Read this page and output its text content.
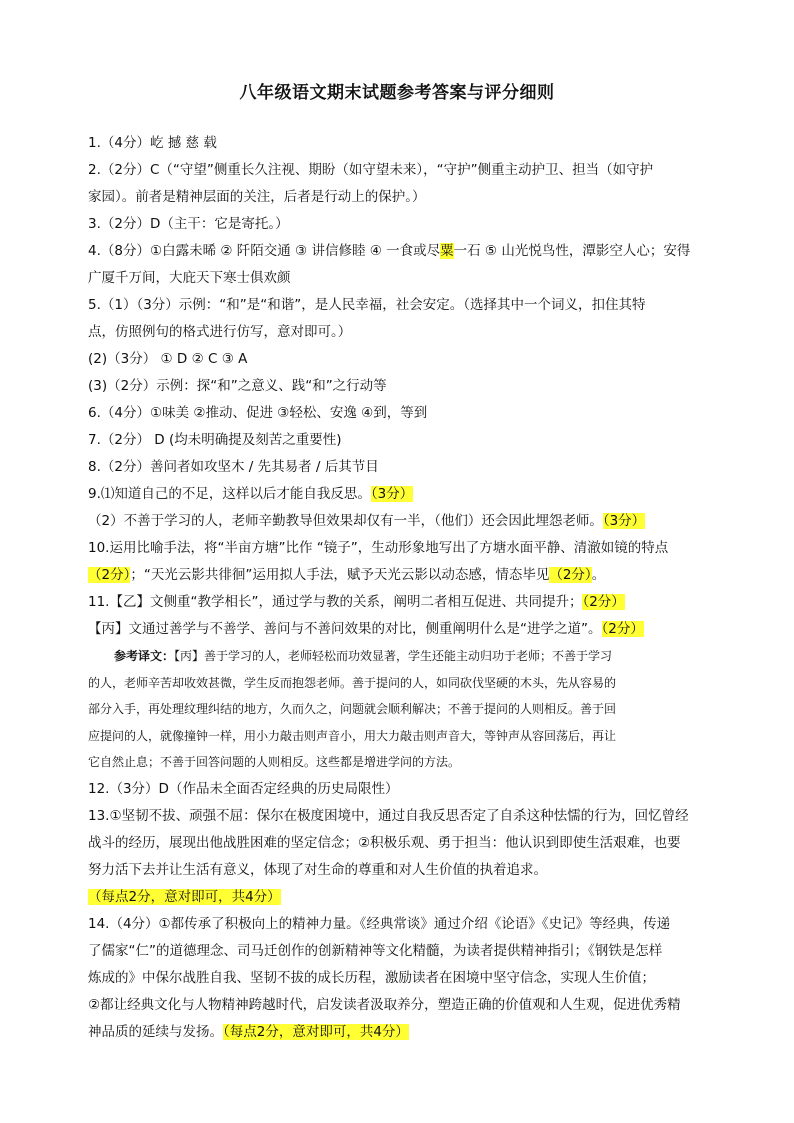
八年级语文期末试题参考答案与评分细则
1.（4分）屹 撼 慈 载
2.（2分）C（“守望”侧重长久注视、期盼（如守望未来），“守护”侧重主动护卫、担当（如守护
家园）。前者是精神层面的关注，后者是行动上的保护。）
3.（2分）D（主干：它是寄托。）
4.（8分）①白露未晞 ② 阡陌交通 ③ 讲信修睦 ④ 一食或尽粟一石 ⑤ 山光悦鸟性，潭影空人心；安得
广厦千万间，大庇天下寒士俱欢颜
5.（1）（3分）示例：“和”是“和谐”，是人民幸福，社会安定。（选择其中一个词义，扣住其特
点，仿照例句的格式进行仿写，意对即可。）
(2)（3分） ① D ② C ③ A
(3)（2分）示例：探“和”之意义、践“和”之行动等
6.（4分）①味美 ②推动、促进 ③轻松、安逸 ④到，等到
7.（2分） D (均未明确提及刻苦之重要性)
8.（2分）善问者如攻坚木 / 先其易者 / 后其节目
9.⑴知道自己的不足，这样以后才能自我反思。（3分）
（2）不善于学习的人，老师辛勤教导但效果却仅有一半，（他们）还会因此埋怨老师。（3分）
10.运用比喻手法，将“半亩方塘”比作 “镜子”，生动形象地写出了方塘水面平静、清澈如镜的特点
（2分）；“天光云影共徘徊”运用拟人手法，赋予天光云影以动态感，情态毕见（2分）。
11.【乙】文侧重“教学相长”，通过学与教的关系，阐明二者相互促进、共同提升；（2分）
【丙】文通过善学与不善学、善问与不善问效果的对比，侧重阐明什么是“进学之道”。（2分）
参考译文：【丙】善于学习的人，老师轻松而功效显著，学生还能主动归功于老师；不善于学习
的人，老师辛苦却收效甚微，学生反而抱怨老师。善于提问的人，如同砍伐坚硬的木头，先从容易的
部分入手，再处理纹理纠结的地方，久而久之，问题就会顺利解决；不善于提问的人则相反。善于回
应提问的人，就像撞钟一样，用小力敲击则声音小，用大力敲击则声音大，等钟声从容回荡后，再让
它自然止息；不善于回答问题的人则相反。这些都是增进学问的方法。
12.（3分）D（作品未全面否定经典的历史局限性）
13.①坚韧不拔、顽强不屈：保尔在极度困境中，通过自我反思否定了自杀这种怯懦的行为，回忆曾经
战斗的经历，展现出他战胜困难的坚定信念；②积极乐观、勇于担当：他认识到即使生活艰难，也要
努力活下去并让生活有意义，体现了对生命的尊重和对人生价值的执着追求。
（每点2分，意对即可，共4分）
14.（4分）①都传承了积极向上的精神力量。《经典常谈》通过介绍《论语》《史记》等经典，传递
了儒家“仁”的道德理念、司马迁创作的创新精神等文化精髓，为读者提供精神指引；《钢铁是怎样
炼成的》中保尔战胜自我、坚韧不拔的成长历程，激励读者在困境中坚守信念，实现人生价值；
②都让经典文化与人物精神跨越时代，启发读者汲取养分，塑造正确的价值观和人生观，促进优秀精
神品质的延续与发扬。（每点2分，意对即可，共4分）
